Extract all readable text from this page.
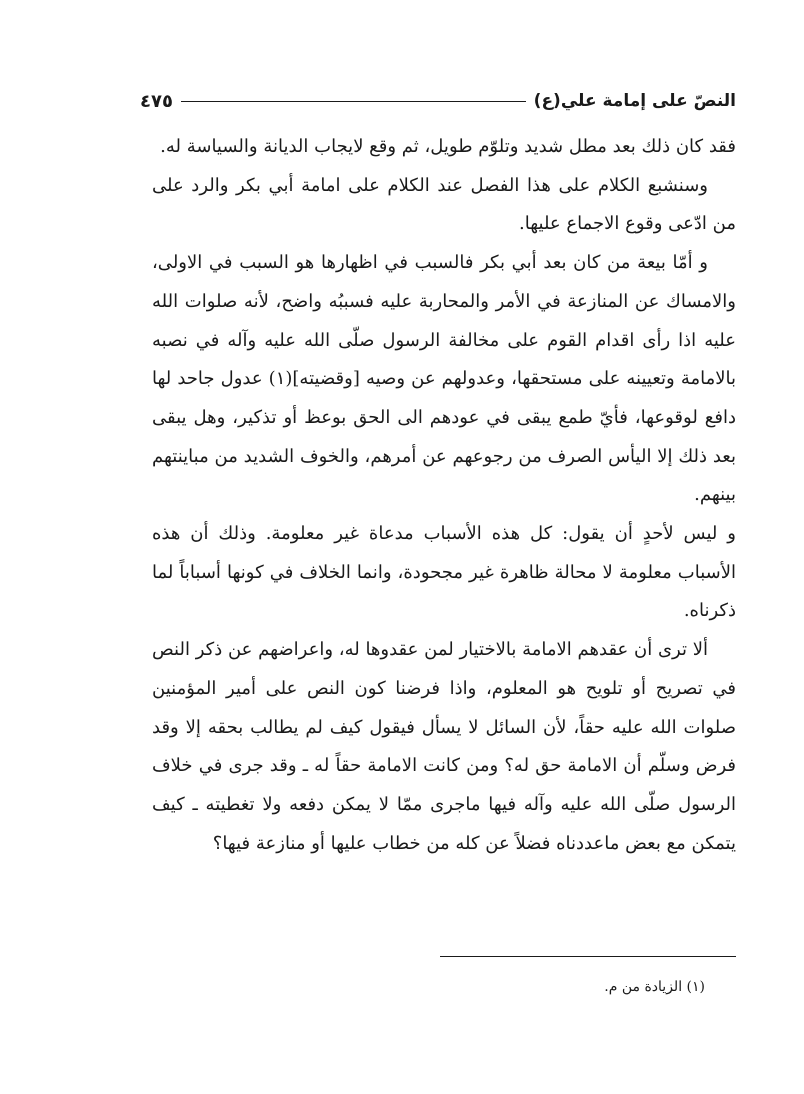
النصّ على إمامة علي(ع)
٤٧٥

فقد كان ذلك بعد مطل شديد وتلوّم طويل، ثم وقع لايجاب الديانة والسياسة له.

وسنشبع الكلام على هذا الفصل عند الكلام على امامة أبي بكر والرد على من ادّعى وقوع الاجماع عليها.

و أمّا بيعة من كان بعد أبي بكر فالسبب في اظهارها هو السبب في الاولى، والامساك عن المنازعة في الأمر والمحاربة عليه فسببُه واضح، لأنه صلوات الله عليه اذا رأى اقدام القوم على مخالفة الرسول صلّى الله عليه وآله في نصبه بالامامة وتعيينه على مستحقها، وعدولهم عن وصيه [وقضيته](١) عدول جاحد لها دافع لوقوعها، فأيّ طمع يبقى في عودهم الى الحق بوعظ أو تذكير، وهل يبقى بعد ذلك إلا اليأس الصرف من رجوعهم عن أمرهم، والخوف الشديد من مباينتهم بينهم.

و ليس لأحدٍ أن يقول: كل هذه الأسباب مدعاة غير معلومة. وذلك أن هذه الأسباب معلومة لا محالة ظاهرة غير مجحودة، وانما الخلاف في كونها أسباباً لما ذكرناه.

ألا ترى أن عقدهم الامامة بالاختيار لمن عقدوها له، واعراضهم عن ذكر النص في تصريح أو تلويح هو المعلوم، واذا فرضنا كون النص على أمير المؤمنين صلوات الله عليه حقاً، لأن السائل لا يسأل فيقول كيف لم يطالب بحقه إلا وقد فرض وسلّم أن الامامة حق له؟ ومن كانت الامامة حقاً له ـ وقد جرى في خلاف الرسول صلّى الله عليه وآله فيها ماجرى ممّا لا يمكن دفعه ولا تغطيته ـ كيف يتمكن مع بعض ماعددناه فضلاً عن كله من خطاب عليها أو منازعة فيها؟

(١) الزيادة من م.
